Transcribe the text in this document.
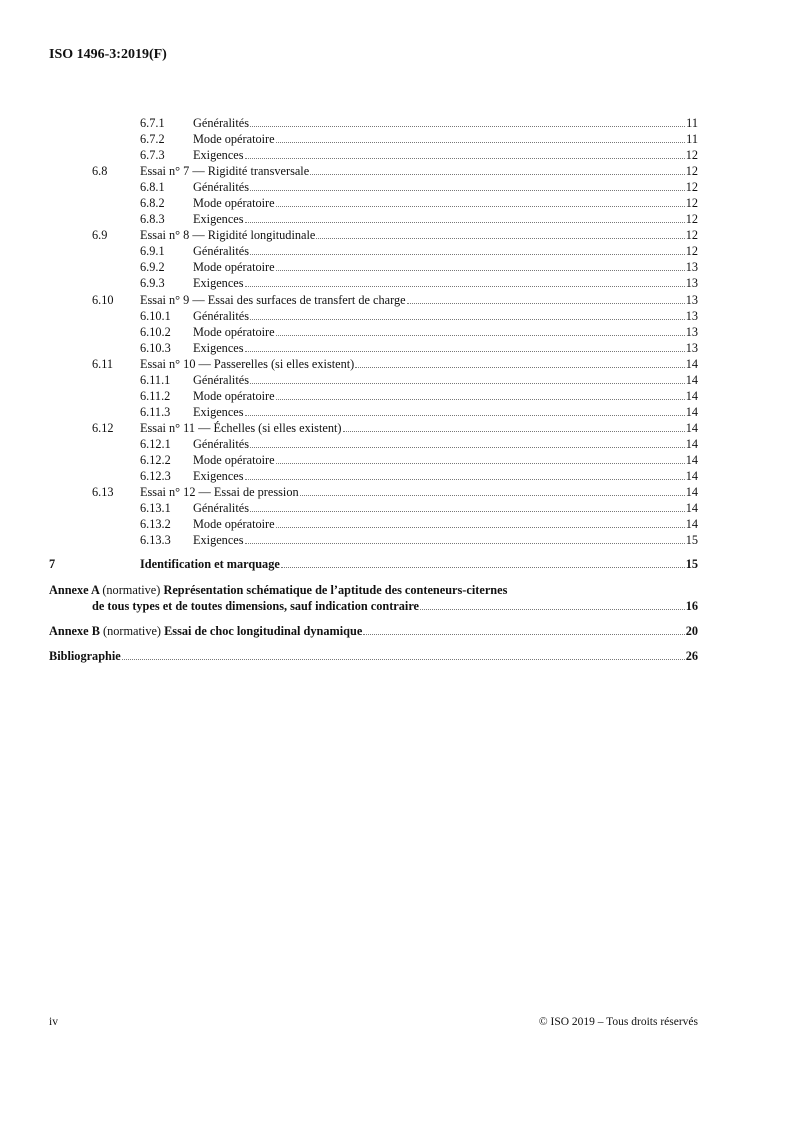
ISO 1496-3:2019(F)
6.7.1	Généralités	11
6.7.2	Mode opératoire	11
6.7.3	Exigences	12
6.8	Essai n° 7 — Rigidité transversale	12
6.8.1	Généralités	12
6.8.2	Mode opératoire	12
6.8.3	Exigences	12
6.9	Essai n° 8 — Rigidité longitudinale	12
6.9.1	Généralités	12
6.9.2	Mode opératoire	13
6.9.3	Exigences	13
6.10	Essai n° 9 — Essai des surfaces de transfert de charge	13
6.10.1	Généralités	13
6.10.2	Mode opératoire	13
6.10.3	Exigences	13
6.11	Essai n° 10 — Passerelles (si elles existent)	14
6.11.1	Généralités	14
6.11.2	Mode opératoire	14
6.11.3	Exigences	14
6.12	Essai n° 11 — Échelles (si elles existent)	14
6.12.1	Généralités	14
6.12.2	Mode opératoire	14
6.12.3	Exigences	14
6.13	Essai n° 12 — Essai de pression	14
6.13.1	Généralités	14
6.13.2	Mode opératoire	14
6.13.3	Exigences	15
7	Identification et marquage	15
Annexe A (normative) Représentation schématique de l’aptitude des conteneurs-citernes
de tous types et de toutes dimensions, sauf indication contraire	16
Annexe B (normative) Essai de choc longitudinal dynamique	20
Bibliographie	26
iv	© ISO 2019 – Tous droits réservés
